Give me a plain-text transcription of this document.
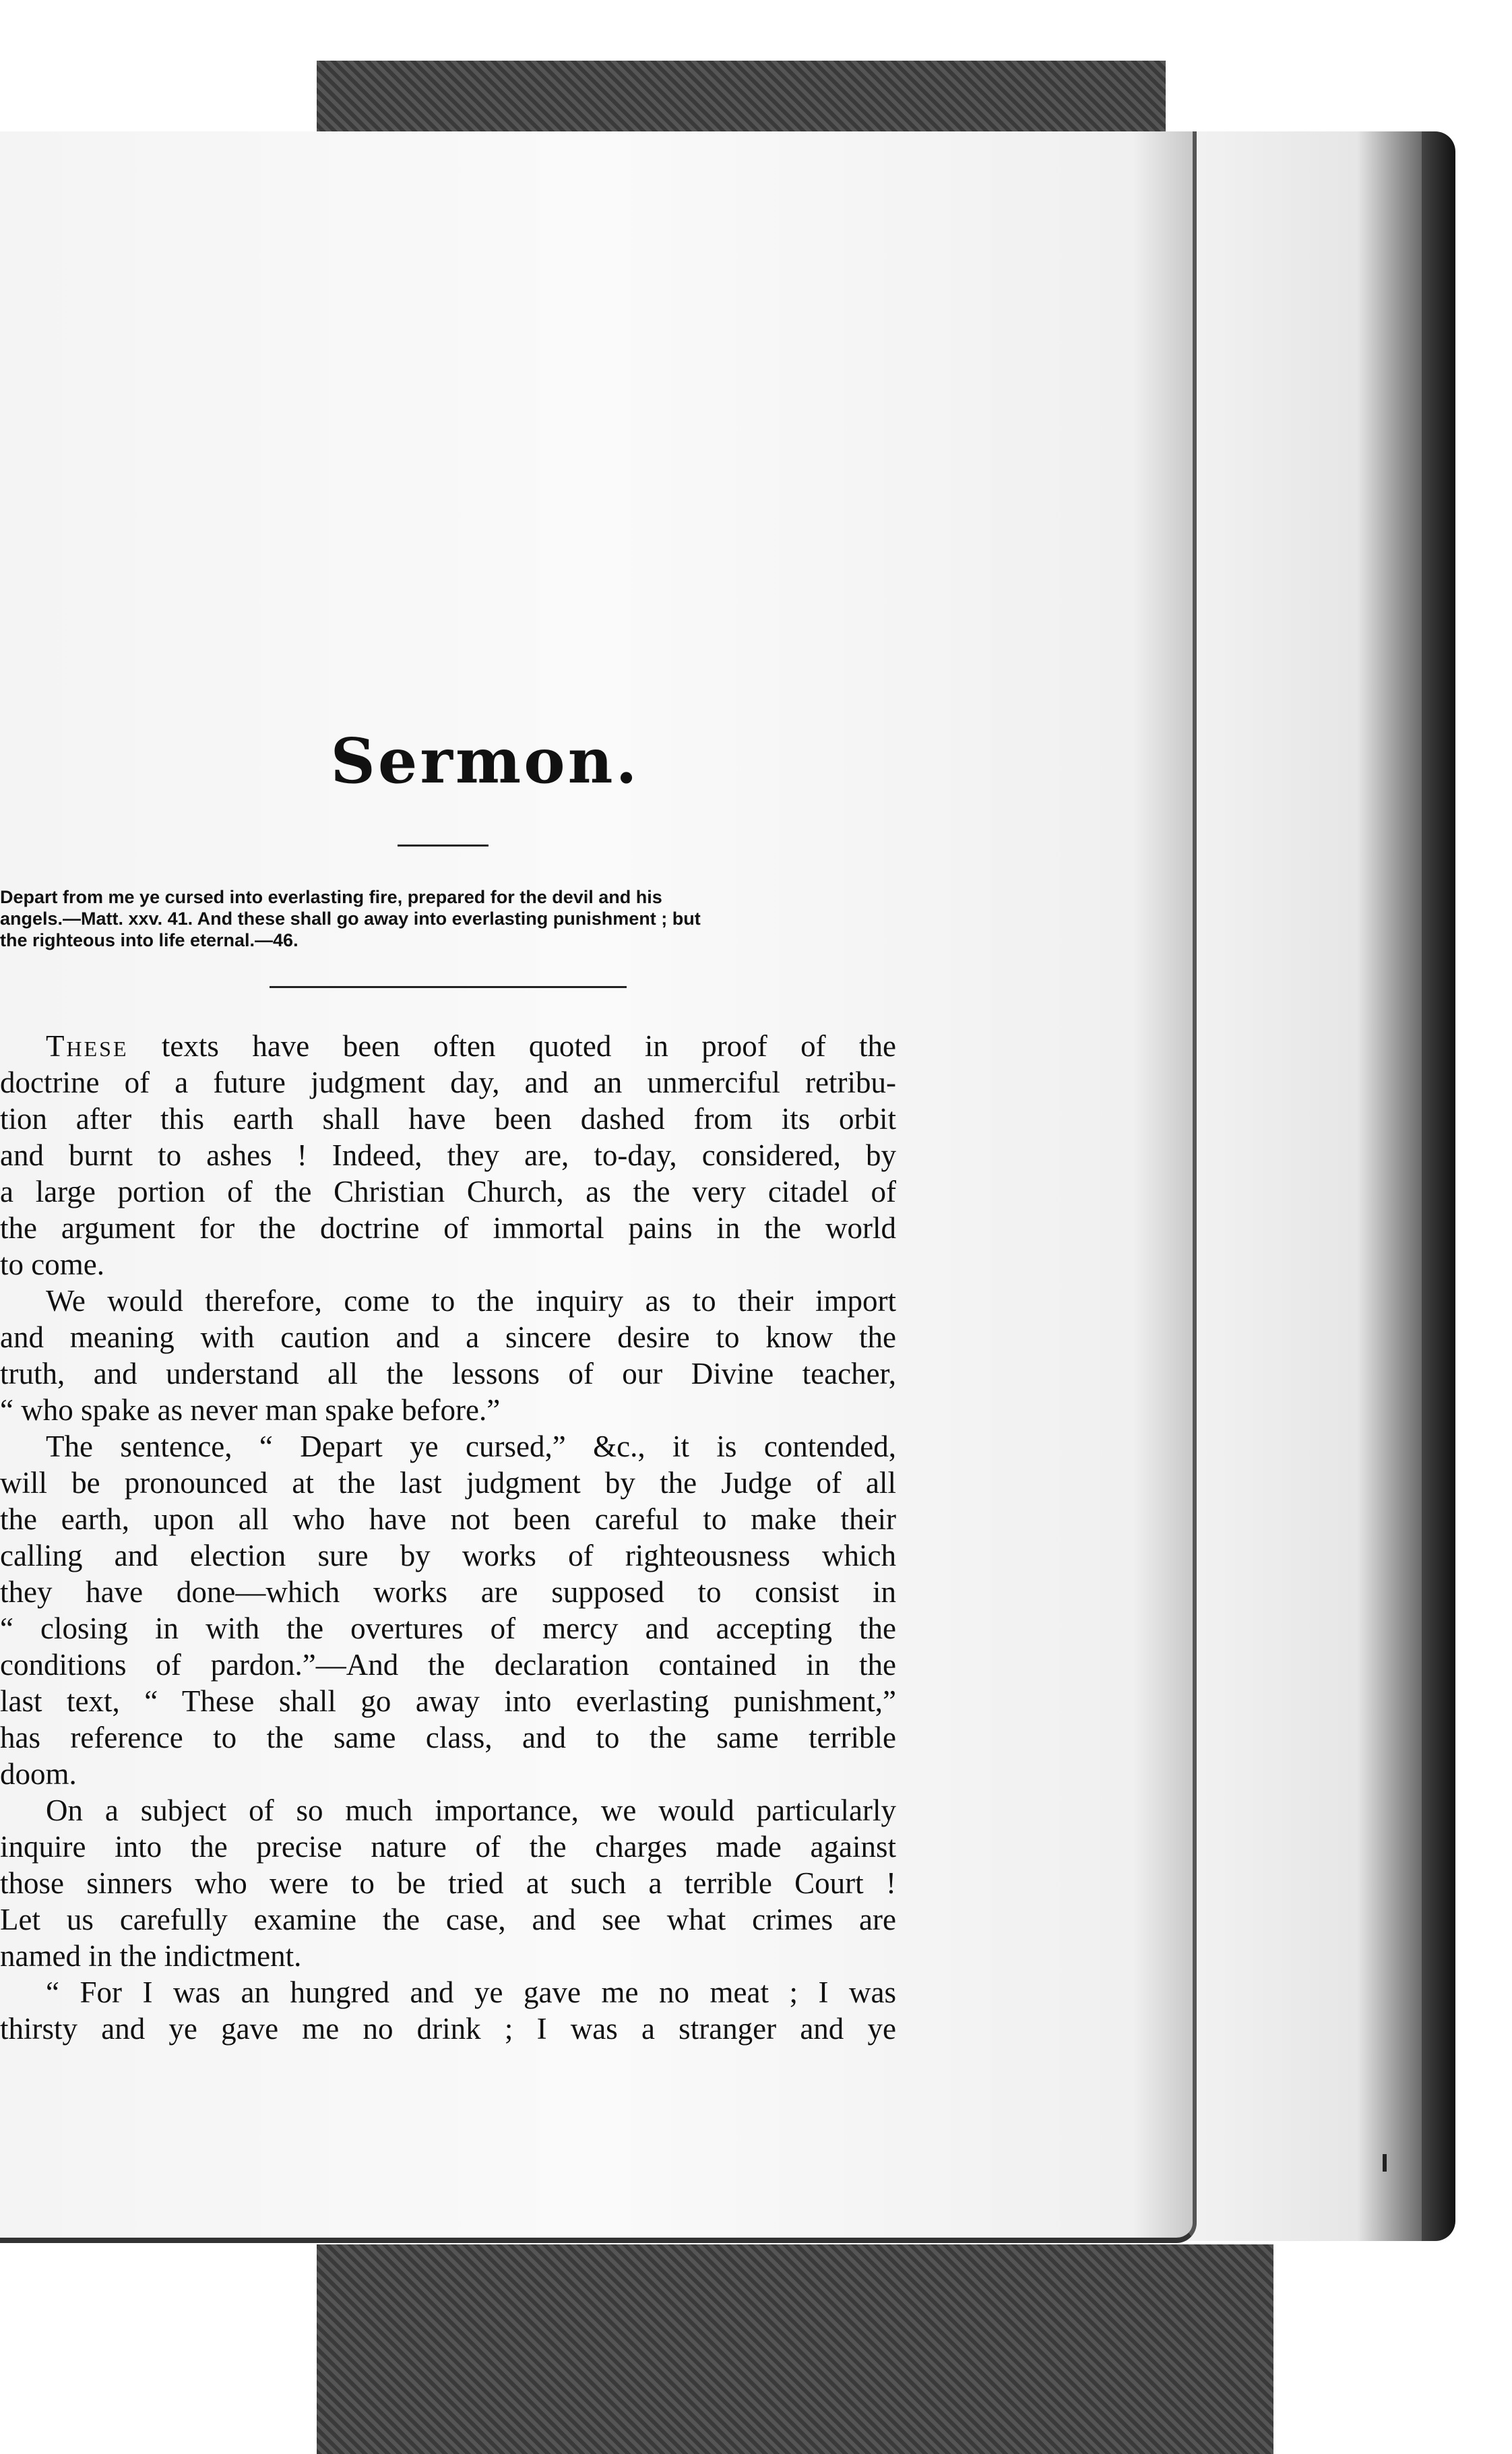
Sermon.
Depart from me ye cursed into everlasting fire, prepared for the devil and his
angels.—Matt. xxv. 41. And these shall go away into everlasting punishment ; but
the righteous into life eternal.—46.
These texts have been often quoted in proof of the
doctrine of a future judgment day, and an unmerciful retribu-
tion after this earth shall have been dashed from its orbit
and burnt to ashes ! Indeed, they are, to-day, considered, by
a large portion of the Christian Church, as the very citadel of
the argument for the doctrine of immortal pains in the world
to come.
We would therefore, come to the inquiry as to their import
and meaning with caution and a sincere desire to know the
truth, and understand all the lessons of our Divine teacher,
“ who spake as never man spake before.”
The sentence, “ Depart ye cursed,” &c., it is contended,
will be pronounced at the last judgment by the Judge of all
the earth, upon all who have not been careful to make their
calling and election sure by works of righteousness which
they have done—which works are supposed to consist in
“ closing in with the overtures of mercy and accepting the
conditions of pardon.”—And the declaration contained in the
last text, “ These shall go away into everlasting punishment,”
has reference to the same class, and to the same terrible
doom.
On a subject of so much importance, we would particularly
inquire into the precise nature of the charges made against
those sinners who were to be tried at such a terrible Court !
Let us carefully examine the case, and see what crimes are
named in the indictment.
“ For I was an hungred and ye gave me no meat ; I was
thirsty and ye gave me no drink ; I was a stranger and ye
